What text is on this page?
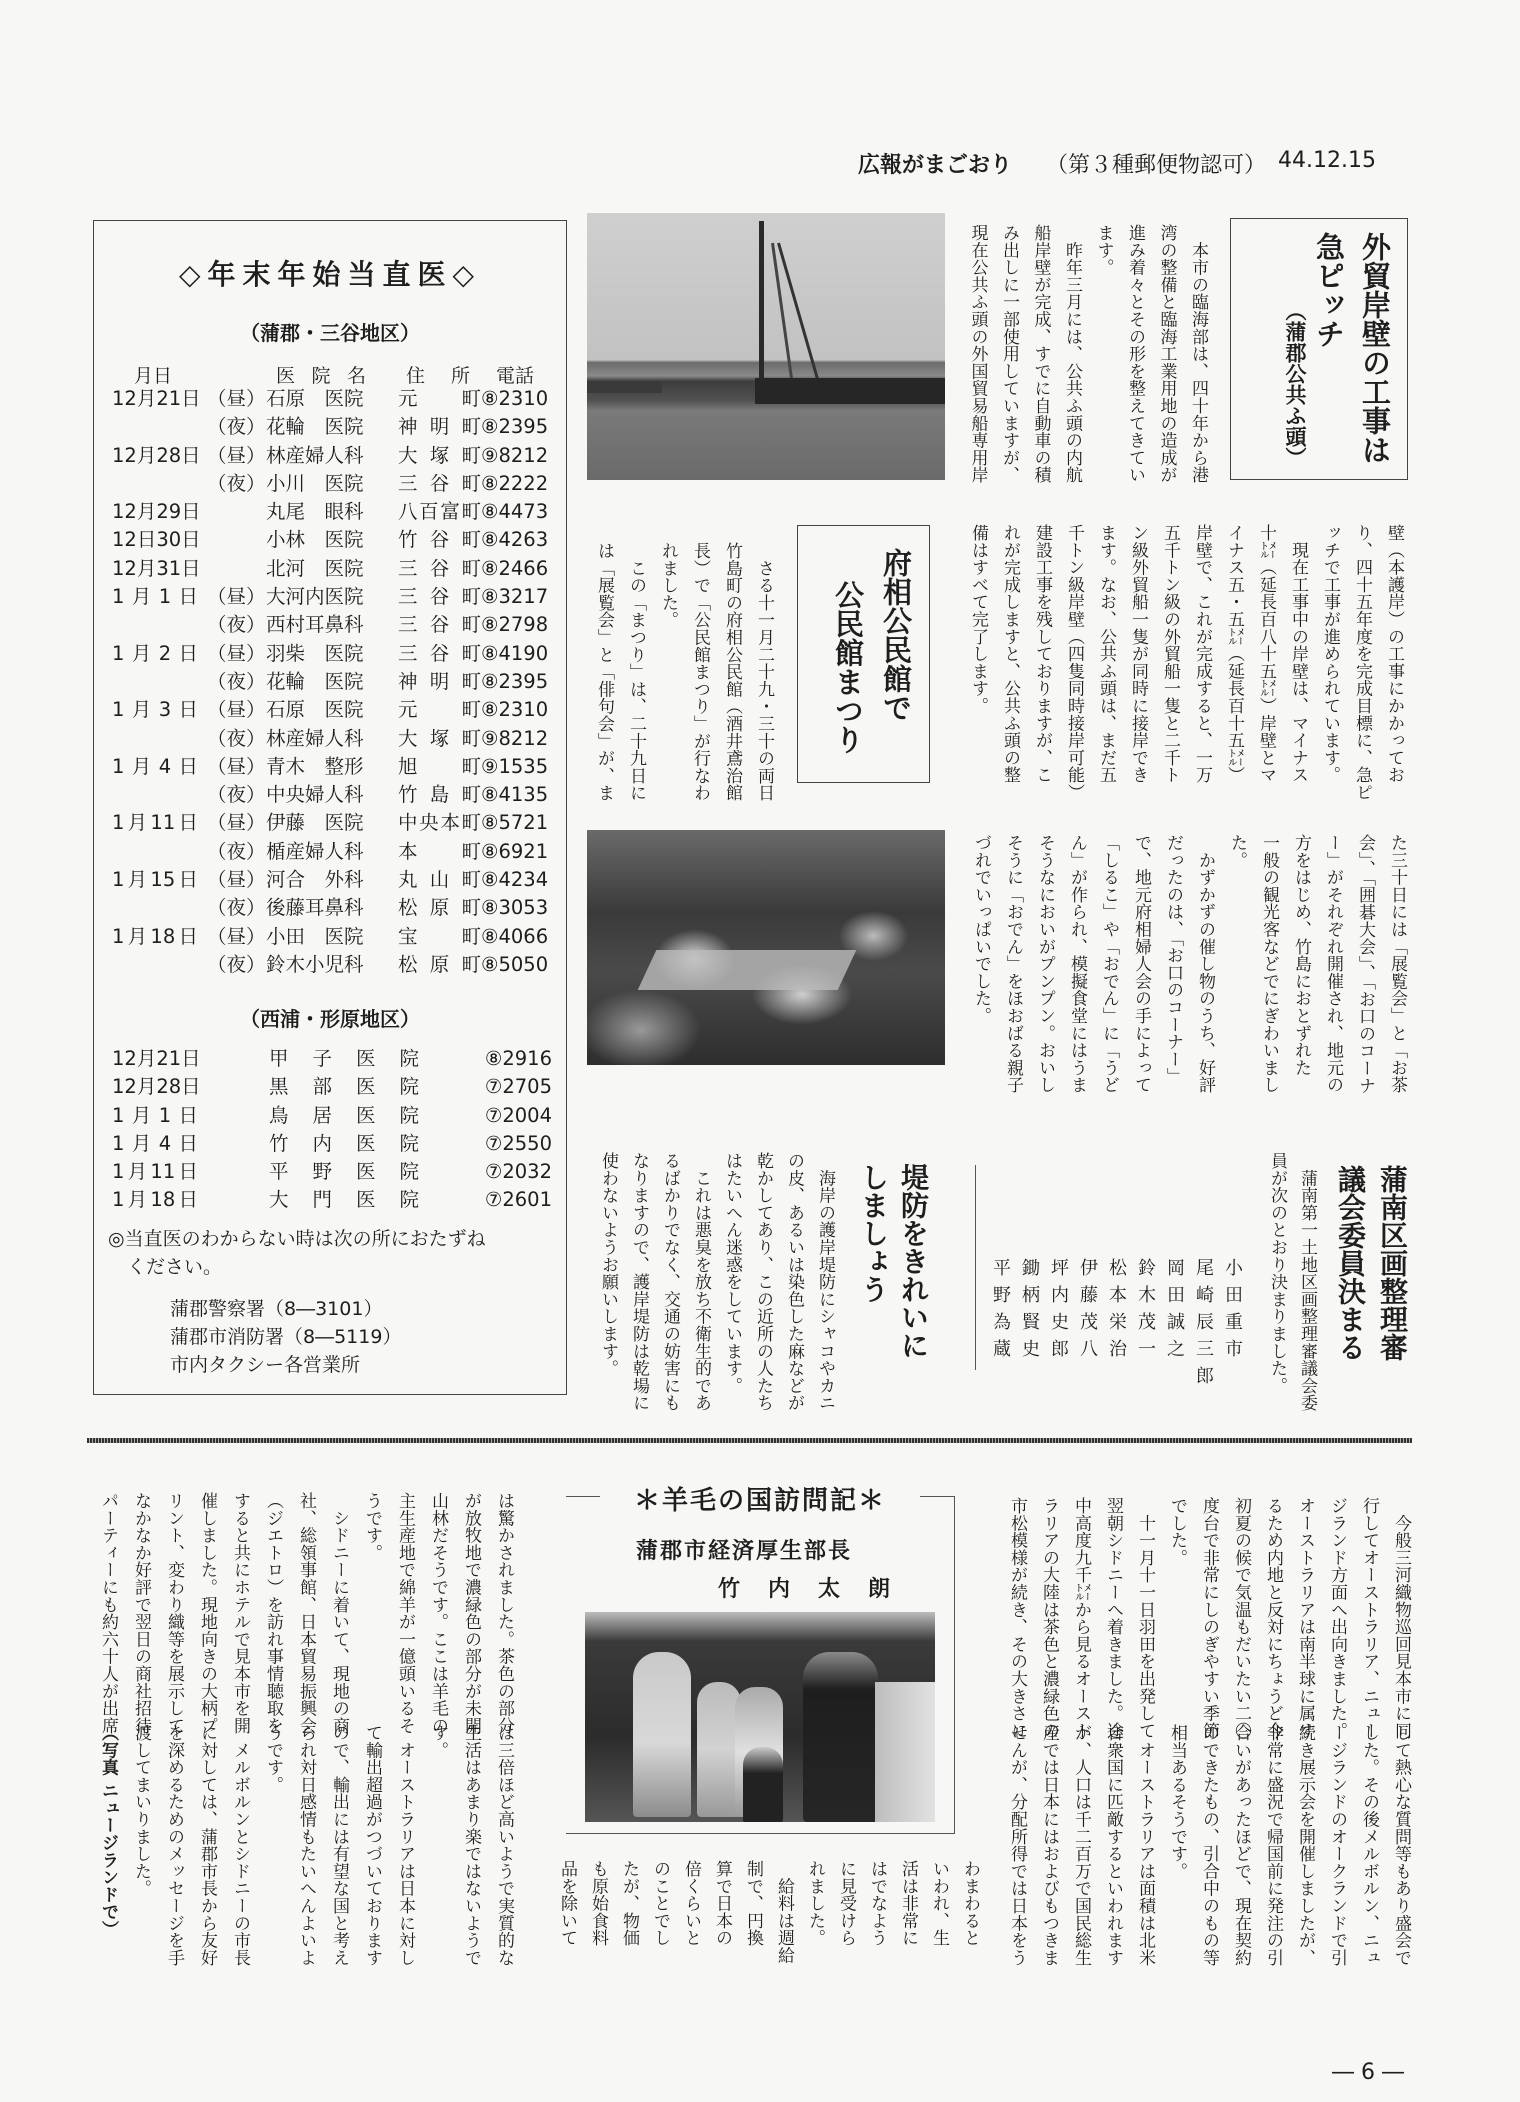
広報がまごおり （第３種郵便物認可） 44.12.15
◇年末年始当直医◇
（蒲郡・三谷地区）
月日	医院名 住所 電話
12月21日 （昼） 石原　医院 元町 ⑧2310
（夜） 花輪　医院 神明町 ⑧2395
12月28日 （昼） 林産婦人科 大塚町 ⑨8212
（夜） 小川　医院 三谷町 ⑧2222
12月29日	丸尾　眼科 八百富町 ⑧4473
12日30日	小林　医院 竹谷町 ⑧4263
12月31日	北河　医院 三谷町 ⑧2466
1月1日 （昼） 大河内医院 三谷町 ⑧3217
（夜） 西村耳鼻科 三谷町 ⑧2798
1月2日 （昼） 羽柴　医院 三谷町 ⑧4190
（夜） 花輪　医院 神明町 ⑧2395
1月3日 （昼） 石原　医院 元町 ⑧2310
（夜） 林産婦人科 大塚町 ⑨8212
1月4日 （昼） 青木　整形 旭町 ⑨1535
（夜） 中央婦人科 竹島町 ⑧4135
1月11日 （昼） 伊藤　医院 中央本町 ⑧5721
（夜） 楯産婦人科 本町 ⑧6921
1月15日 （昼） 河合　外科 丸山町 ⑧4234
（夜） 後藤耳鼻科 松原町 ⑧3053
1月18日 （昼） 小田　医院 宝町 ⑧4066
（夜） 鈴木小児科 松原町 ⑧5050
（西浦・形原地区）
12月21日	甲子医院	⑧2916
12月28日	黒部医院	⑦2705
1月1日	鳥居医院	⑦2004
1月4日	竹内医院	⑦2550
1月11日	平野医院	⑦2032
1月18日	大門医院	⑦2601
◎当直医のわからない時は次の所におたずね
　ください。
蒲郡警察署（8―3101）
蒲郡市消防署（8―5119）
市内タクシー各営業所
外貿岸壁の工事は
急ピッチ
（蒲郡公共ふ頭）
　本市の臨海部は、四十年から港
湾の整備と臨海工業用地の造成が
進み着々とその形を整えてきてい
ます。
　昨年三月には、公共ふ頭の内航
船岸壁が完成、すでに自動車の積
み出しに一部使用していますが、
現在公共ふ頭の外国貿易船専用岸
壁（本護岸）の工事にかかってお
り、四十五年度を完成目標に、急ピ
ッチで工事が進められています。
　現在工事中の岸壁は、マイナス
十㍍（延長百八十五㍍）岸壁とマ
イナス五・五㍍（延長百十五㍍）
岸壁で、これが完成すると、一万
五千トン級の外貿船一隻と二千ト
ン級外貿船一隻が同時に接岸でき
ます。なお、公共ふ頭は、まだ五
千トン級岸壁（四隻同時接岸可能）
建設工事を残しておりますが、こ
れが完成しますと、公共ふ頭の整
備はすべて完了します。
府相公民館で
公民館まつり
　さる十一月二十九・三十の両日
竹島町の府相公民館（酒井鳶治館
長）で「公民館まつり」が行なわ
れました。
　この「まつり」は、二十九日に
は「展覧会」と「俳句会」が、ま
た三十日には「展覧会」と「お茶
会」、「囲碁大会」、「お口のコーナ
ー」がそれぞれ開催され、地元の
方をはじめ、竹島におとずれた
一般の観光客などでにぎわいまし
た。
　かずかずの催し物のうち、好評
だったのは、「お口のコーナー」
で、地元府相婦人会の手によって
「しるこ」や「おでん」に「うど
ん」が作られ、模擬食堂にはうま
そうなにおいがプンプン。おいし
そうに「おでん」をほおばる親子
づれでいっぱいでした。
蒲南区画整理審
議会委員決まる
　蒲南第一土地区画整理審議会委
員が次のとおり決まりました。
小田重市
尾崎辰三郎
岡田誠之
鈴木茂一
松本栄治
伊藤茂八
坪内史郎
鋤柄賢史
平野為蔵
堤防をきれいに
しましょう
　海岸の護岸堤防にシャコやカニ
の皮、あるいは染色した麻などが
乾かしてあり、この近所の人たち
はたいへん迷惑をしています。
　これは悪臭を放ち不衛生的であ
るばかりでなく、交通の妨害にも
なりますので、護岸堤防は乾場に
使わないようお願いします。
＊羊毛の国訪問記＊
蒲郡市経済厚生部長
竹内太朗	　今般三河織物巡回見本市に同
行してオーストラリア、ニュー
ジランド方面へ出向きました。
オーストラリアは南半球に属す
るため内地と反対にちょうど今
初夏の候で気温もだいたい二〇
度台で非常にしのぎやすい季節
でした。
　十一月十一日羽田を出発して
翌朝シドニーへ着きました。途
中高度九千㍍から見るオースト
ラリアの大陸は茶色と濃緑色の
市松模様が続き、その大きさに
は驚かされました。茶色の部分
が放牧地で濃緑色の部分が未開
山林だそうです。ここは羊毛の
主生産地で綿羊が一億頭いるそ
うです。
　シドニーに着いて、現地の商
社、総領事館、日本貿易振興会
（ジエトロ）を訪れ事情聴取を
すると共にホテルで見本市を開
催しました。現地向きの大柄プ
リント、変わり織等を展示して
なかなか好評で翌日の商社招待
パーティーにも約六十人が出席
して熱心な質問等もあり盛会で
した。その後メルボルン、ニュ
ージランドのオークランドで引
続き展示会を開催しましたが、
非常に盛況で帰国前に発注の引
合いがあったほどで、現在契約
のできたもの、引合中のもの等
相当あるそうです。
　オーストラリアは面積は北米
合衆国に匹敵するといわれます
が、人口は千二百万で国民総生
産では日本にはおよびもつきま
せんが、分配所得では日本をう
わまわると
いわれ、生
活は非常に
はでなよう
に見受けら
れました。
　給料は週給
制で、円換
算で日本の
倍くらいと
のことでし
たが、物価
も原始食料
品を除いて
は三倍ほど高いようで実質的な
生活はあまり楽ではないようで
す。
　オーストラリアは日本に対し
て輸出超過がつづいております
ので、輸出には有望な国と考え
られ対日感情もたいへんよいよ
うです。
　メルボルンとシドニーの市長
に対しては、蒲郡市長から友好
を深めるためのメッセージを手
渡してまいりました。
（写真 ニュージランドで）
― 6 ―
